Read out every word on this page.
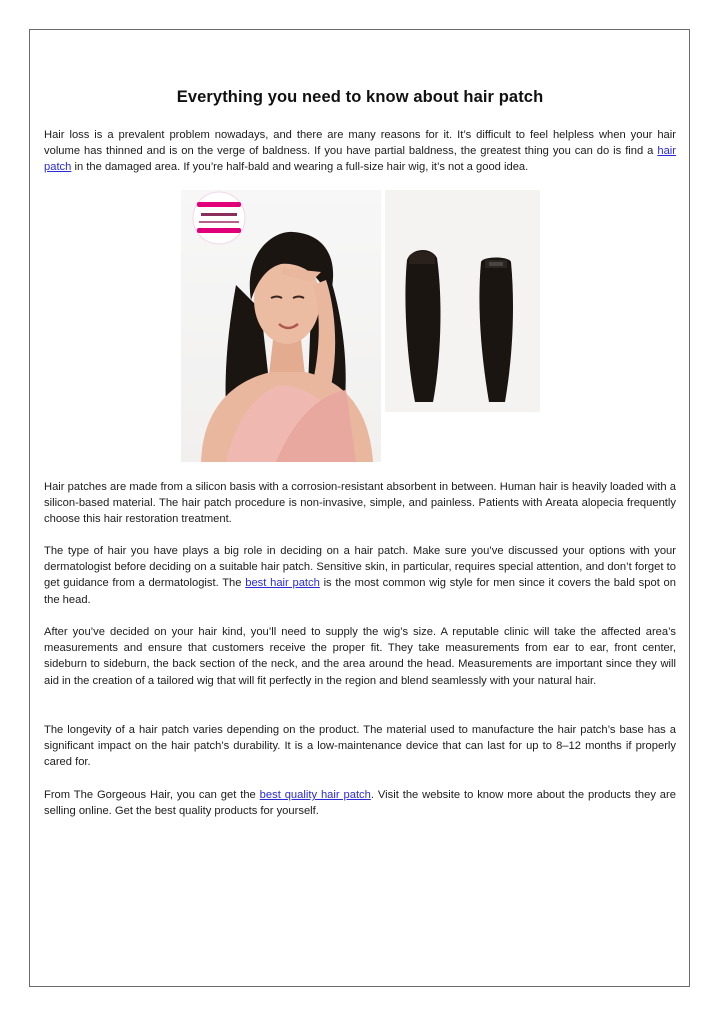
Everything you need to know about hair patch

Hair loss is a prevalent problem nowadays, and there are many reasons for it. It’s difficult to feel helpless when your hair volume has thinned and is on the verge of baldness. If you have partial baldness, the greatest thing you can do is find a hair patch in the damaged area. If you’re half-bald and wearing a full-size hair wig, it’s not a good idea.

Hair patches are made from a silicon basis with a corrosion-resistant absorbent in between. Human hair is heavily loaded with a silicon-based material. The hair patch procedure is non-invasive, simple, and painless. Patients with Areata alopecia frequently choose this hair restoration treatment.

The type of hair you have plays a big role in deciding on a hair patch. Make sure you’ve discussed your options with your dermatologist before deciding on a suitable hair patch. Sensitive skin, in particular, requires special attention, and don’t forget to get guidance from a dermatologist. The best hair patch is the most common wig style for men since it covers the bald spot on the head.

After you’ve decided on your hair kind, you’ll need to supply the wig’s size. A reputable clinic will take the affected area’s measurements and ensure that customers receive the proper fit. They take measurements from ear to ear, front center, sideburn to sideburn, the back section of the neck, and the area around the head. Measurements are important since they will aid in the creation of a tailored wig that will fit perfectly in the region and blend seamlessly with your natural hair.

The longevity of a hair patch varies depending on the product. The material used to manufacture the hair patch’s base has a significant impact on the hair patch’s durability. It is a low-maintenance device that can last for up to 8–12 months if properly cared for.

From The Gorgeous Hair, you can get the best quality hair patch. Visit the website to know more about the products they are selling online. Get the best quality products for yourself.
